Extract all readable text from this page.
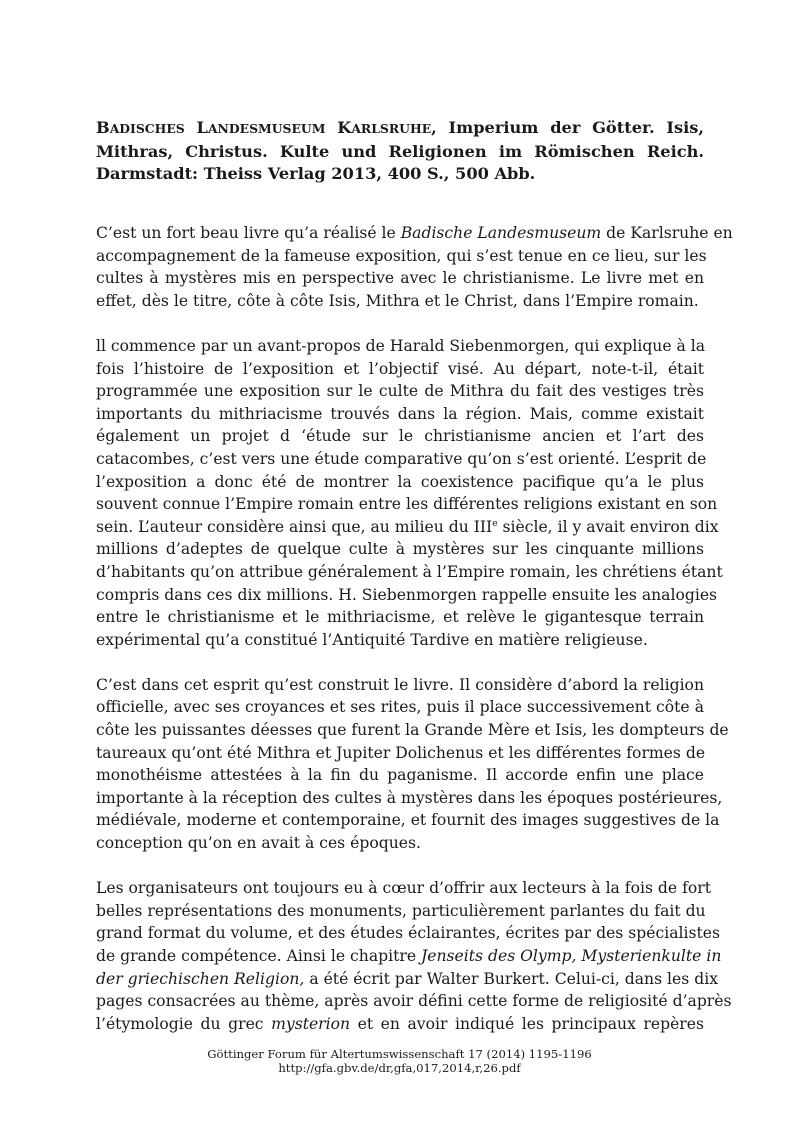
BADISCHES LANDESMUSEUM KARLSRUHE, Imperium der Götter. Isis, Mithras, Christus. Kulte und Religionen im Römischen Reich. Darmstadt: Theiss Verlag 2013, 400 S., 500 Abb.
C’est un fort beau livre qu’a réalisé le Badische Landesmuseum de Karlsruhe en
accompagnement de la fameuse exposition, qui s’est tenue en ce lieu, sur les
cultes à mystères mis en perspective avec le christianisme. Le livre met en
effet, dès le titre, côte à côte Isis, Mithra et le Christ, dans l’Empire romain.
ll commence par un avant-propos de Harald Siebenmorgen, qui explique à la
fois l’histoire de l’exposition et l’objectif visé. Au départ, note-t-il, était
programmée une exposition sur le culte de Mithra du fait des vestiges très
importants du mithriacisme trouvés dans la région. Mais, comme existait
également un projet d ‘étude sur le christianisme ancien et l’art des
catacombes, c’est vers une étude comparative qu’on s’est orienté. L’esprit de
l’exposition a donc été de montrer la coexistence pacifique qu’a le plus
souvent connue l’Empire romain entre les différentes religions existant en son
sein. L’auteur considère ainsi que, au milieu du IIIe siècle, il y avait environ dix
millions d’adeptes de quelque culte à mystères sur les cinquante millions
d’habitants qu’on attribue généralement à l’Empire romain, les chrétiens étant
compris dans ces dix millions. H. Siebenmorgen rappelle ensuite les analogies
entre le christianisme et le mithriacisme, et relève le gigantesque terrain
expérimental qu’a constitué l’Antiquité Tardive en matière religieuse.
C’est dans cet esprit qu’est construit le livre. Il considère d’abord la religion
officielle, avec ses croyances et ses rites, puis il place successivement côte à
côte les puissantes déesses que furent la Grande Mère et Isis, les dompteurs de
taureaux qu’ont été Mithra et Jupiter Dolichenus et les différentes formes de
monothéisme attestées à la fin du paganisme. Il accorde enfin une place
importante à la réception des cultes à mystères dans les époques postérieures,
médiévale, moderne et contemporaine, et fournit des images suggestives de la
conception qu’on en avait à ces époques.
Les organisateurs ont toujours eu à cœur d’offrir aux lecteurs à la fois de fort
belles représentations des monuments, particulièrement parlantes du fait du
grand format du volume, et des études éclairantes, écrites par des spécialistes
de grande compétence. Ainsi le chapitre Jenseits des Olymp, Mysterienkulte in
der griechischen Religion, a été écrit par Walter Burkert. Celui-ci, dans les dix
pages consacrées au thème, après avoir défini cette forme de religiosité d’après
l’étymologie du grec mysterion et en avoir indiqué les principaux repères
Göttinger Forum für Altertumswissenschaft 17 (2014) 1195-1196
http://gfa.gbv.de/dr,gfa,017,2014,r,26.pdf
